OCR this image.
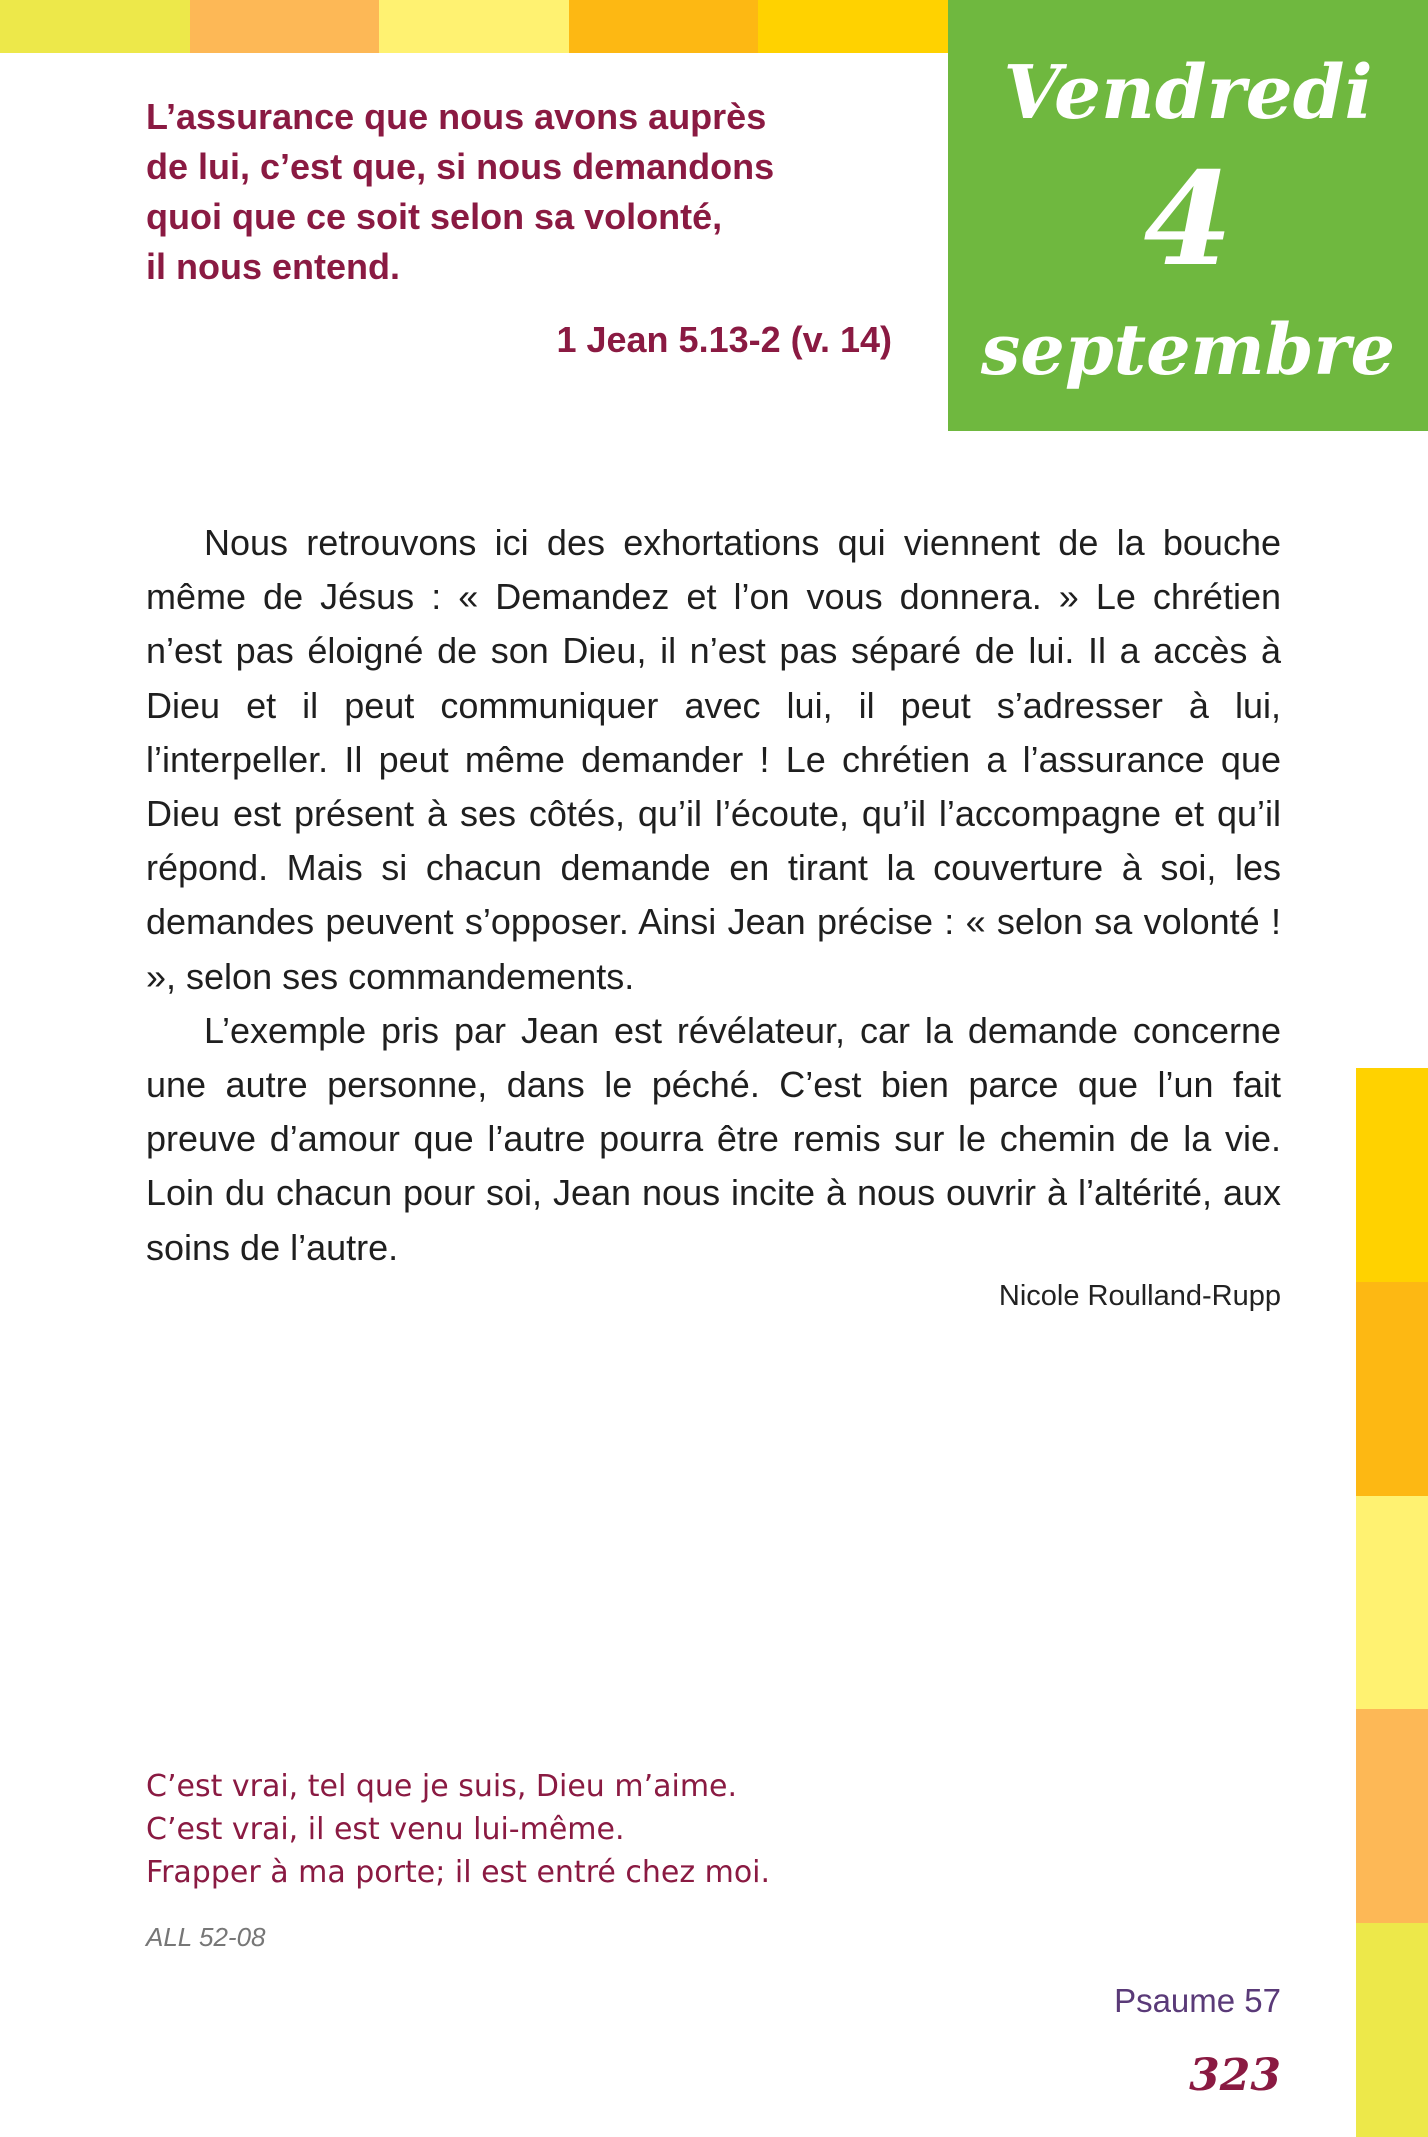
Vendredi
4
septembre
L’assurance que nous avons auprès
de lui, c’est que, si nous demandons
quoi que ce soit selon sa volonté,
il nous entend.
1 Jean 5.13-2 (v. 14)

Nous retrouvons ici des exhortations qui viennent de la bouche même de Jésus : « Demandez et l’on vous donnera. » Le chrétien n’est pas éloigné de son Dieu, il n’est pas séparé de lui. Il a accès à Dieu et il peut communiquer avec lui, il peut s’adresser à lui, l’interpeller. Il peut même demander ! Le chrétien a l’assurance que Dieu est présent à ses côtés, qu’il l’écoute, qu’il l’accompagne et qu’il répond. Mais si chacun demande en tirant la couverture à soi, les demandes peuvent s’opposer. Ainsi Jean précise : « selon sa volonté ! », selon ses commandements.

L’exemple pris par Jean est révélateur, car la demande concerne une autre personne, dans le péché. C’est bien parce que l’un fait preuve d’amour que l’autre pourra être remis sur le chemin de la vie. Loin du chacun pour soi, Jean nous incite à nous ouvrir à l’altérité, aux soins de l’autre.

Nicole Roulland-Rupp
C’est vrai, tel que je suis, Dieu m’aime.
C’est vrai, il est venu lui-même.
Frapper à ma porte; il est entré chez moi.
ALL 52-08
Psaume 57
323
